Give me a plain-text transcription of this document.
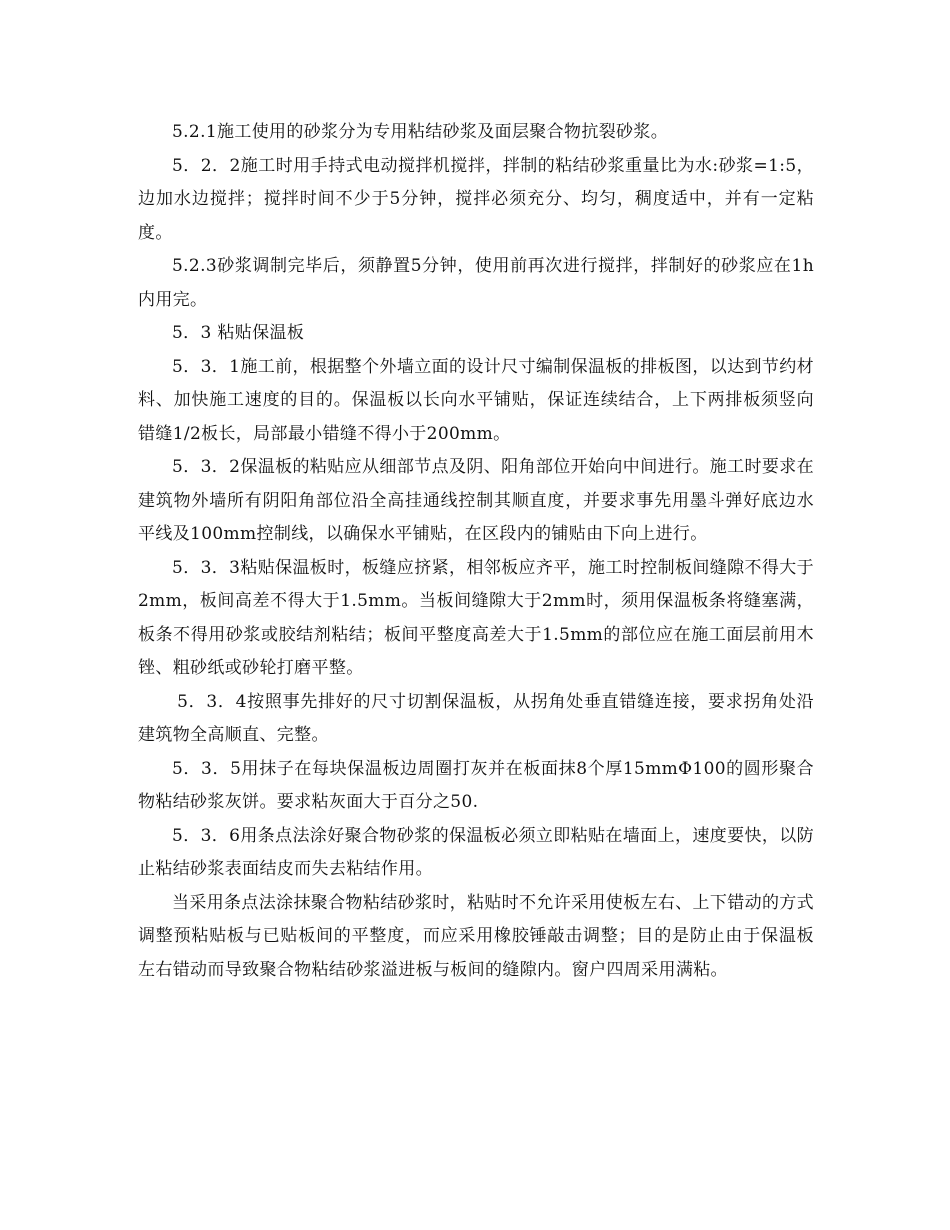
5.2.1施工使用的砂浆分为专用粘结砂浆及面层聚合物抗裂砂浆。

5．2．2施工时用手持式电动搅拌机搅拌，拌制的粘结砂浆重量比为水:砂浆=1:5，边加水边搅拌；搅拌时间不少于5分钟，搅拌必须充分、均匀，稠度适中，并有一定粘度。

5.2.3砂浆调制完毕后，须静置5分钟，使用前再次进行搅拌，拌制好的砂浆应在1h内用完。

5．3 粘贴保温板

5．3．1施工前，根据整个外墙立面的设计尺寸编制保温板的排板图，以达到节约材料、加快施工速度的目的。保温板以长向水平铺贴，保证连续结合，上下两排板须竖向错缝1/2板长，局部最小错缝不得小于200mm。

5．3．2保温板的粘贴应从细部节点及阴、阳角部位开始向中间进行。施工时要求在建筑物外墙所有阴阳角部位沿全高挂通线控制其顺直度，并要求事先用墨斗弹好底边水平线及100mm控制线，以确保水平铺贴，在区段内的铺贴由下向上进行。

5．3．3粘贴保温板时，板缝应挤紧，相邻板应齐平，施工时控制板间缝隙不得大于2mm，板间高差不得大于1.5mm。当板间缝隙大于2mm时，须用保温板条将缝塞满，板条不得用砂浆或胶结剂粘结；板间平整度高差大于1.5mm的部位应在施工面层前用木锉、粗砂纸或砂轮打磨平整。

5．3．4按照事先排好的尺寸切割保温板，从拐角处垂直错缝连接，要求拐角处沿建筑物全高顺直、完整。

5．3．5用抹子在每块保温板边周圈打灰并在板面抹8个厚15mmΦ100的圆形聚合物粘结砂浆灰饼。要求粘灰面大于百分之50.

5．3．6用条点法涂好聚合物砂浆的保温板必须立即粘贴在墙面上，速度要快，以防止粘结砂浆表面结皮而失去粘结作用。

当采用条点法涂抹聚合物粘结砂浆时，粘贴时不允许采用使板左右、上下错动的方式调整预粘贴板与已贴板间的平整度，而应采用橡胶锤敲击调整；目的是防止由于保温板左右错动而导致聚合物粘结砂浆溢进板与板间的缝隙内。窗户四周采用满粘。
